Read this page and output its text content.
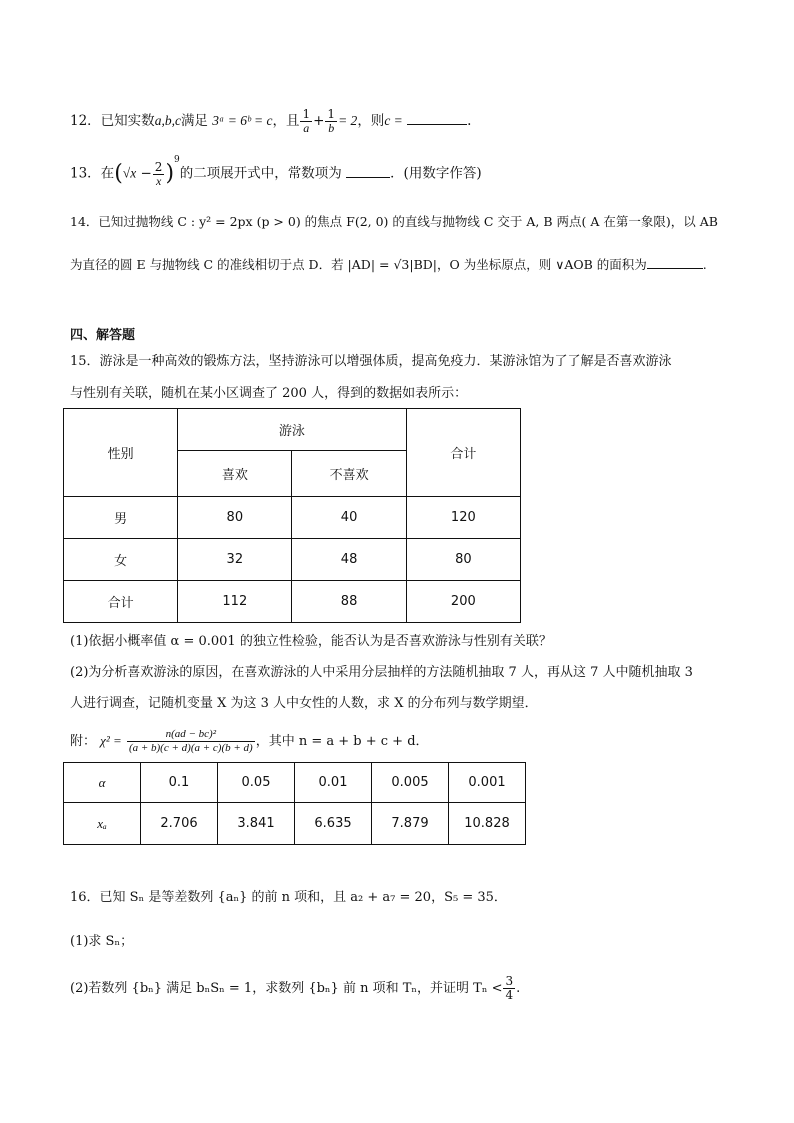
12．已知实数a,b,c满足 3ᵃ = 6ᵇ = c，且 $\frac{1}{a} + \frac{1}{b} = 2$，则c =	.
13．在$(√x - \frac{2}{x} )^9$的二项展开式中，常数项为	．(用数字作答)
14．已知过抛物线 C : y² = 2px (p > 0) 的焦点 F(2, 0) 的直线与抛物线 C 交于 A, B 两点( A 在第一象限)，以 AB
为直径的圆 E 与抛物线 C 的准线相切于点 D．若 |AD| = √3|BD|，O 为坐标原点，则 ∨AOB 的面积为	.
四、解答题
15．游泳是一种高效的锻炼方法，坚持游泳可以增强体质，提高免疫力．某游泳馆为了了解是否喜欢游泳
与性别有关联，随机在某小区调查了 200 人，得到的数据如表所示：
性别	游泳		合计
	喜欢	不喜欢	
男	80	40	120
女	32	48	80
合计	112	88	200
(1)依据小概率值 α = 0.001 的独立性检验，能否认为是否喜欢游泳与性别有关联？
(2)为分析喜欢游泳的原因，在喜欢游泳的人中采用分层抽样的方法随机抽取 7 人，再从这 7 人中随机抽取 3
人进行调查，记随机变量 X 为这 3 人中女性的人数，求 X 的分布列与数学期望．
附： $\chi^2 = \frac{\text{n(ad − bc)²}}{(a + b)(c + d)(a + c)(b + d)}$ ，其中 n = a + b + c + d．
α	0.1	0.05	0.01	0.005	0.001
xₐ	2.706	3.841	6.635	7.879	10.828
16．已知 Sₙ 是等差数列 {aₙ} 的前 n 项和，且 a₂ + a₇ = 20，S₅ = 35．
(1)求 Sₙ；
(2)若数列 {bₙ} 满足 bₙSₙ = 1，求数列 {bₙ} 前 n 项和 Tₙ，并证明 $T_n < \frac{3}{4}$ .
